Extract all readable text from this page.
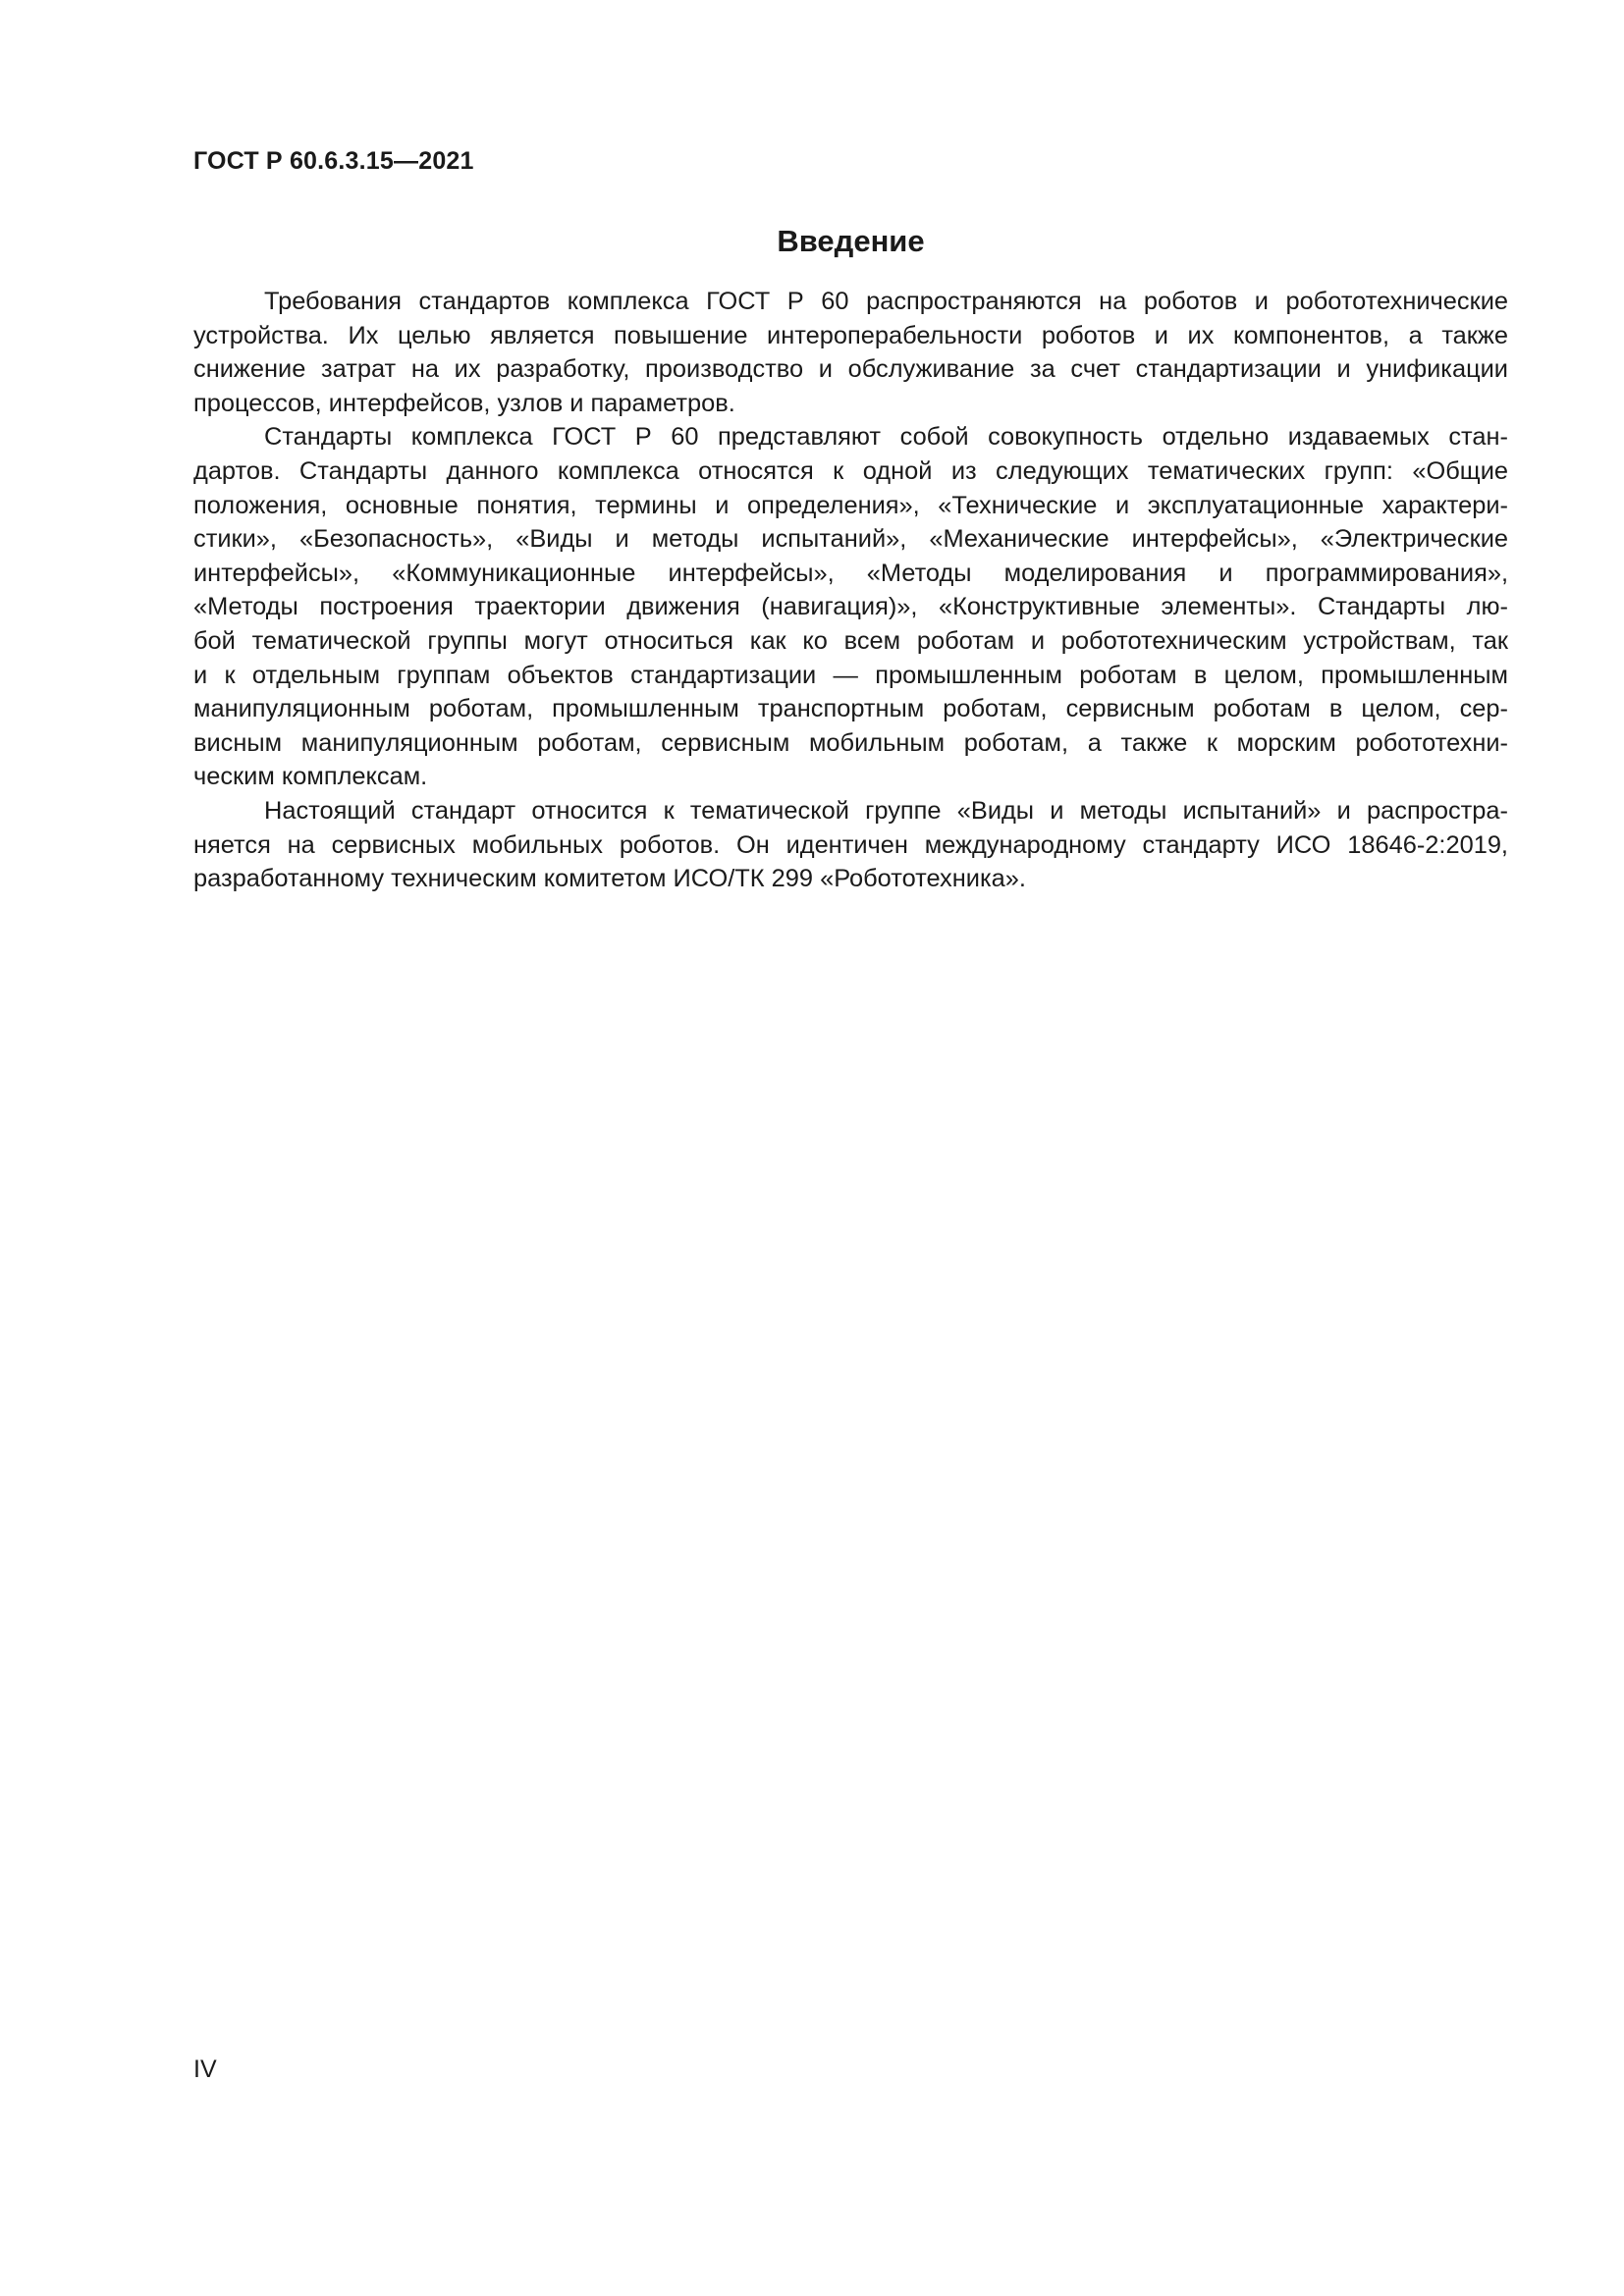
ГОСТ Р 60.6.3.15—2021
Введение
Требования стандартов комплекса ГОСТ Р 60 распространяются на роботов и робототехнические
устройства. Их целью является повышение интероперабельности роботов и их компонентов, а также
снижение затрат на их разработку, производство и обслуживание за счет стандартизации и унификации
процессов, интерфейсов, узлов и параметров.
Стандарты комплекса ГОСТ Р 60 представляют собой совокупность отдельно издаваемых стан-
дартов. Стандарты данного комплекса относятся к одной из следующих тематических групп: «Общие
положения, основные понятия, термины и определения», «Технические и эксплуатационные характери-
стики», «Безопасность», «Виды и методы испытаний», «Механические интерфейсы», «Электрические
интерфейсы», «Коммуникационные интерфейсы», «Методы моделирования и программирования»,
«Методы построения траектории движения (навигация)», «Конструктивные элементы». Стандарты лю-
бой тематической группы могут относиться как ко всем роботам и робототехническим устройствам, так
и к отдельным группам объектов стандартизации — промышленным роботам в целом, промышленным
манипуляционным роботам, промышленным транспортным роботам, сервисным роботам в целом, сер-
висным манипуляционным роботам, сервисным мобильным роботам, а также к морским робототехни-
ческим комплексам.
Настоящий стандарт относится к тематической группе «Виды и методы испытаний» и распростра-
няется на сервисных мобильных роботов. Он идентичен международному стандарту ИСО 18646-2:2019,
разработанному техническим комитетом ИСО/ТК 299 «Робототехника».
IV
